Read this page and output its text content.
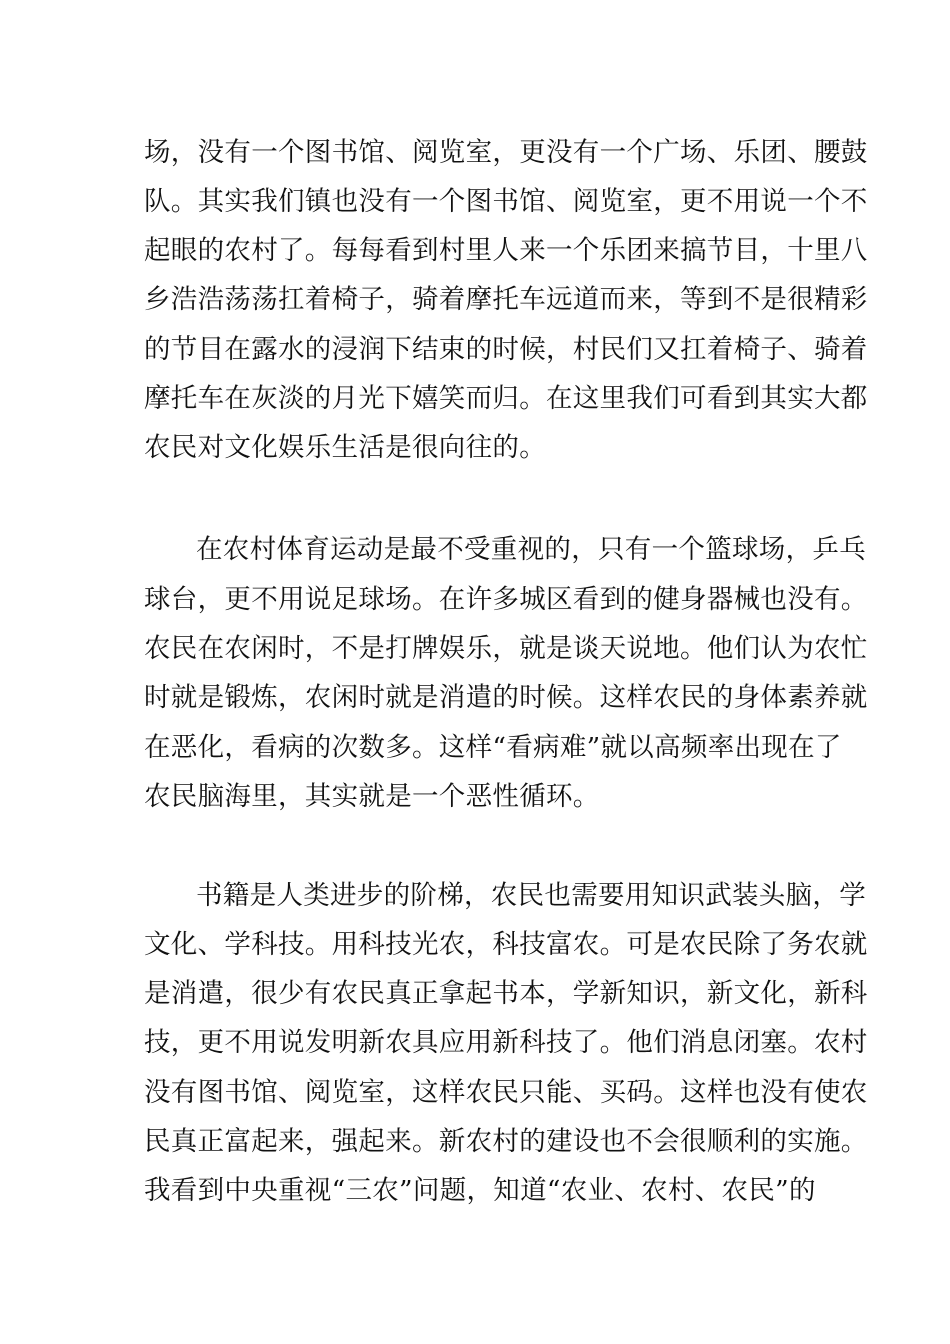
场，没有一个图书馆、阅览室，更没有一个广场、乐团、腰鼓
队。其实我们镇也没有一个图书馆、阅览室，更不用说一个不
起眼的农村了。每每看到村里人来一个乐团来搞节目，十里八
乡浩浩荡荡扛着椅子，骑着摩托车远道而来，等到不是很精彩
的节目在露水的浸润下结束的时候，村民们又扛着椅子、骑着
摩托车在灰淡的月光下嬉笑而归。在这里我们可看到其实大都
农民对文化娱乐生活是很向往的。
在农村体育运动是最不受重视的，只有一个篮球场，乒乓
球台，更不用说足球场。在许多城区看到的健身器械也没有。
农民在农闲时，不是打牌娱乐，就是谈天说地。他们认为农忙
时就是锻炼，农闲时就是消遣的时候。这样农民的身体素养就
在恶化，看病的次数多。这样“看病难”就以高频率出现在了
农民脑海里，其实就是一个恶性循环。
书籍是人类进步的阶梯，农民也需要用知识武装头脑，学
文化、学科技。用科技光农，科技富农。可是农民除了务农就
是消遣，很少有农民真正拿起书本，学新知识，新文化，新科
技，更不用说发明新农具应用新科技了。他们消息闭塞。农村
没有图书馆、阅览室，这样农民只能、买码。这样也没有使农
民真正富起来，强起来。新农村的建设也不会很顺利的实施。
我看到中央重视“三农”问题，知道“农业、农村、农民”的
